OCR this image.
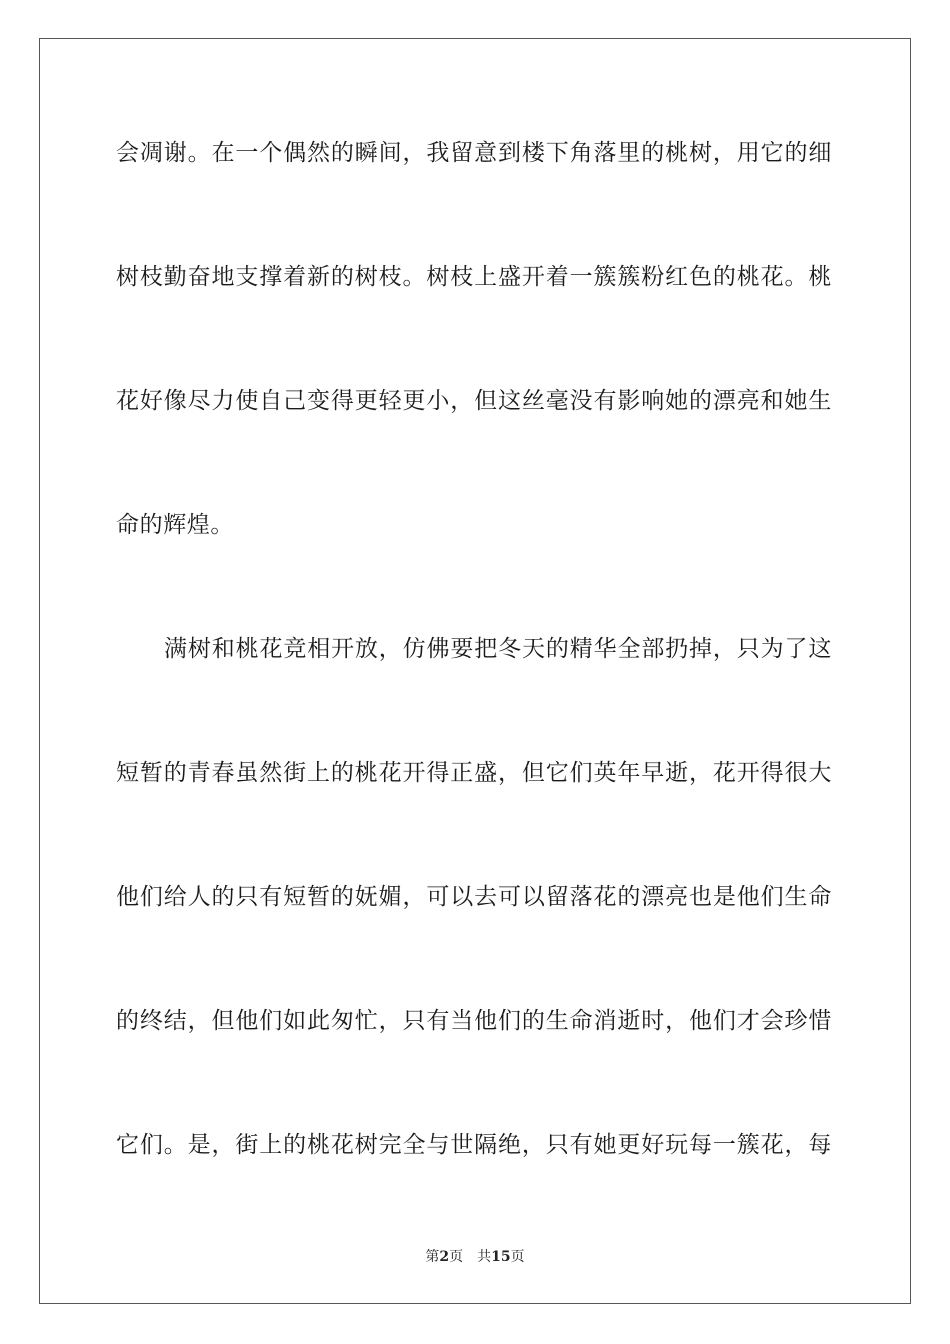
会凋谢。在一个偶然的瞬间，我留意到楼下角落里的桃树，用它的细
树枝勤奋地支撑着新的树枝。树枝上盛开着一簇簇粉红色的桃花。桃
花好像尽力使自己变得更轻更小，但这丝毫没有影响她的漂亮和她生
命的辉煌。
满树和桃花竞相开放，仿佛要把冬天的精华全部扔掉，只为了这
短暂的青春虽然街上的桃花开得正盛，但它们英年早逝，花开得很大
他们给人的只有短暂的妩媚，可以去可以留落花的漂亮也是他们生命
的终结，但他们如此匆忙，只有当他们的生命消逝时，他们才会珍惜
它们。是，街上的桃花树完全与世隔绝，只有她更好玩每一簇花，每
第2页 共15页
